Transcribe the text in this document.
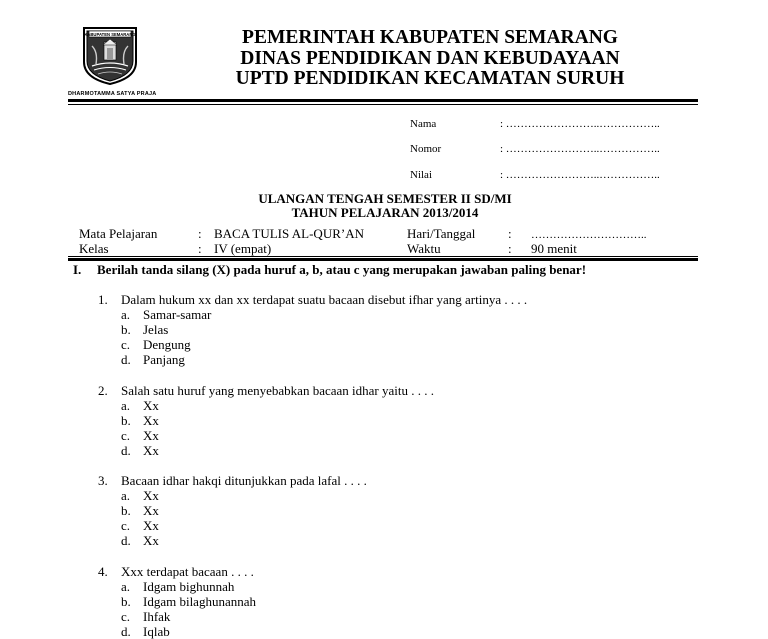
KABUPATEN SEMARANG
DHARMOTAMMA SATYA PRAJA
PEMERINTAH KABUPATEN SEMARANG
DINAS PENDIDIKAN DAN KEBUDAYAAN
UPTD PENDIDIKAN KECAMATAN SURUH
Nama	: ……………………..……………..
Nomor	: ……………………..……………..
Nilai	: ……………………..……………..
ULANGAN TENGAH SEMESTER II SD/MI
TAHUN PELAJARAN 2013/2014
Mata Pelajaran	: BACA TULIS AL-QUR’AN	Hari/Tanggal	: …………………………..
Kelas	: IV (empat)	Waktu	: 90 menit
I. Berilah tanda silang (X) pada huruf a, b, atau c yang merupakan jawaban paling benar!
1. Dalam hukum xx dan xx terdapat suatu bacaan disebut ifhar yang artinya . . . .
a. Samar-samar
b. Jelas
c. Dengung
d. Panjang
2. Salah satu huruf yang menyebabkan bacaan idhar yaitu . . . .
a. Xx
b. Xx
c. Xx
d. Xx
3. Bacaan idhar hakqi ditunjukkan pada lafal . . . .
a. Xx
b. Xx
c. Xx
d. Xx
4. Xxx terdapat bacaan . . . .
a. Idgam bighunnah
b. Idgam bilaghunannah
c. Ihfak
d. Iqlab
